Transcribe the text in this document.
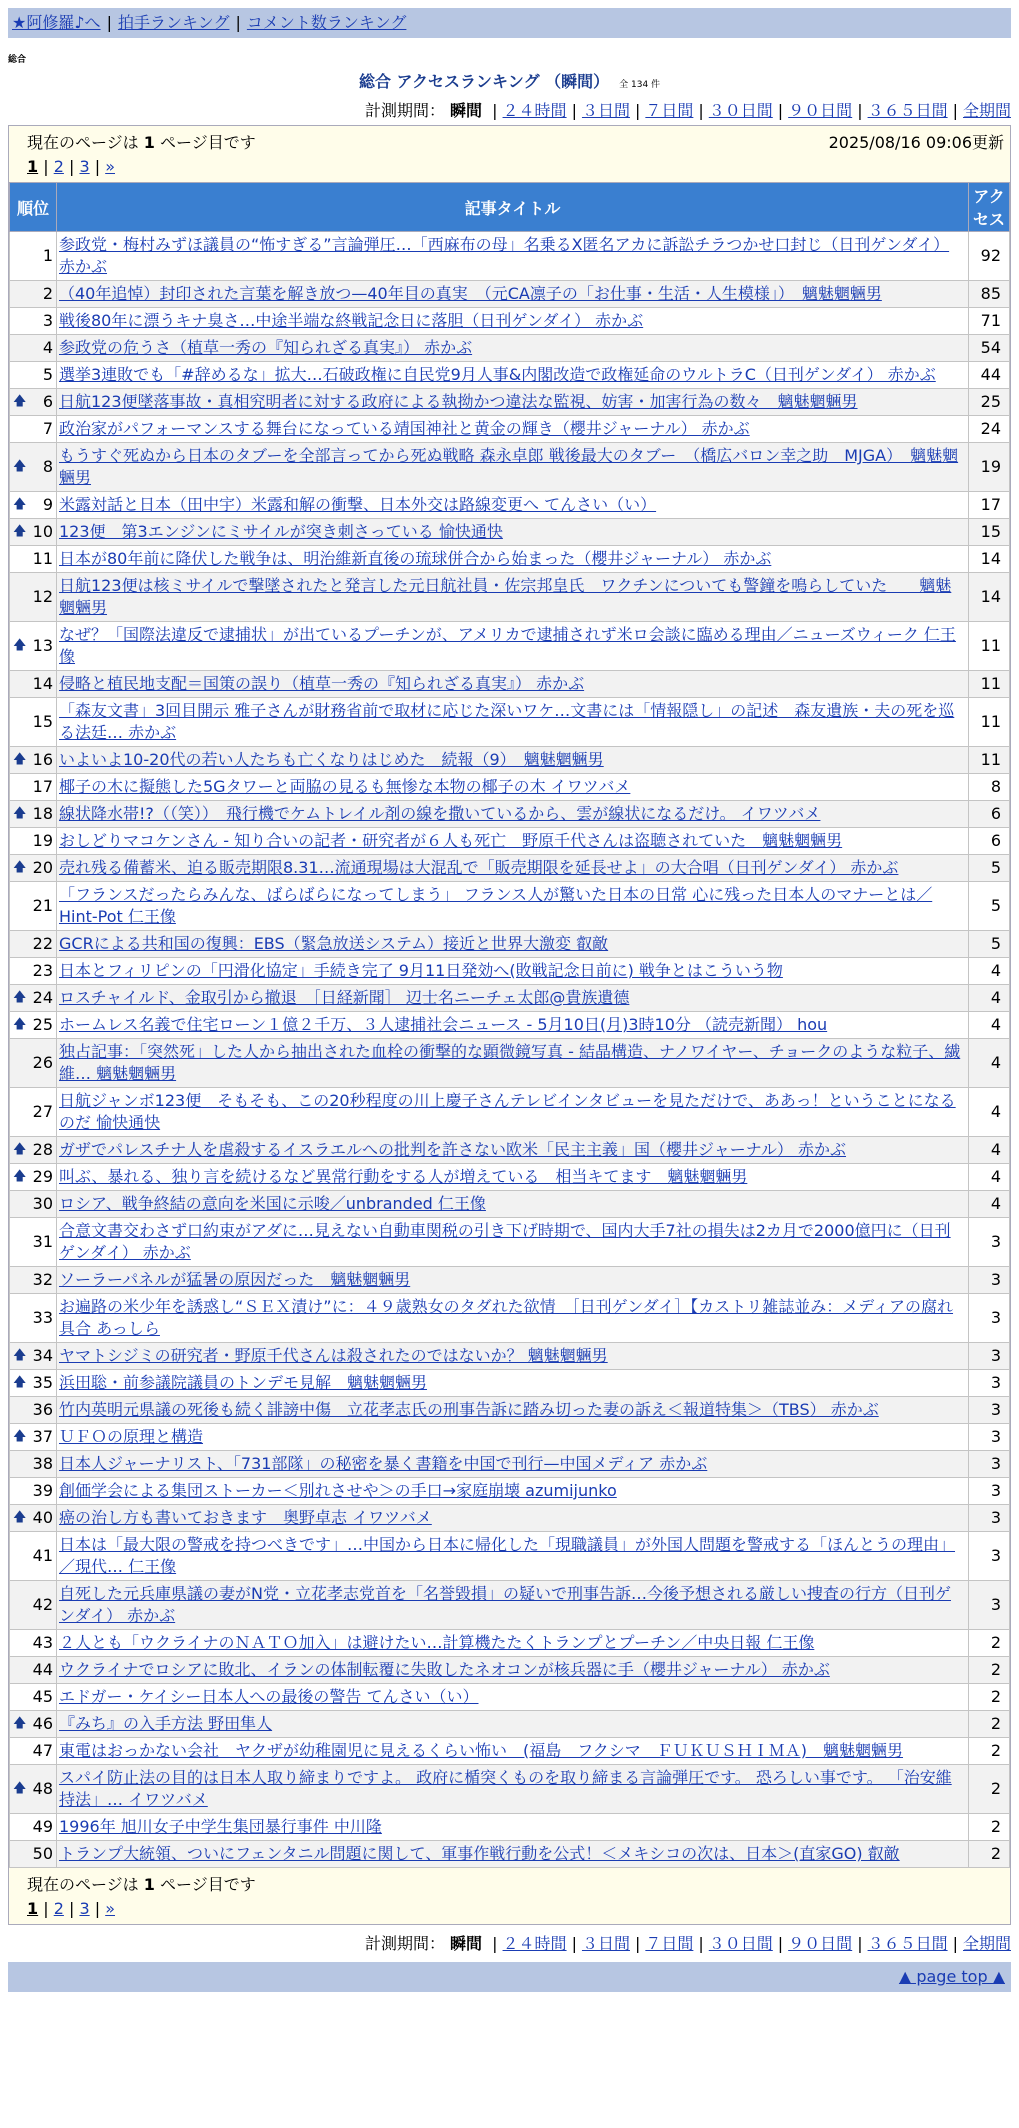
★阿修羅♪へ | 拍手ランキング | コメント数ランキング
総合
総合 アクセスランキング （瞬間） 全 134 件
計測期間： 瞬間 | ２４時間 | ３日間 | ７日間 | ３０日間 | ９０日間 | ３６５日間 | 全期間
現在のページは 1 ページ目です	2025/08/16 09:06更新
1 | 2 | 3 | »
順位	記事タイトル	アクセス
1	参政党・梅村みずほ議員の“怖すぎる”言論弾圧…「西麻布の母」名乗るX匿名アカに訴訟チラつかせ口封じ（日刊ゲンダイ） 赤かぶ	92
2	（40年追悼）封印された言葉を解き放つ—40年目の真実　（元CA凛子の「お仕事・生活・人生模様」）　魑魅魍魎男	85
3	戦後80年に漂うキナ臭さ…中途半端な終戦記念日に落胆（日刊ゲンダイ） 赤かぶ	71
4	参政党の危うさ（植草一秀の『知られざる真実』） 赤かぶ	54
5	選挙3連敗でも「#辞めるな」拡大…石破政権に自民党9月人事&内閣改造で政権延命のウルトラC（日刊ゲンダイ） 赤かぶ	44

🡅 6	日航123便墜落事故・真相究明者に対する政府による執拗かつ違法な監視、妨害・加害行為の数々　魑魅魍魎男	25
7	政治家がパフォーマンスする舞台になっている靖国神社と黄金の輝き（櫻井ジャーナル） 赤かぶ	24

🡅 8	もうすぐ死ぬから日本のタブーを全部言ってから死ぬ戦略 森永卓郎 戦後最大のタブー　（橋広バロン幸之助　MJGA）　魑魅魍魎男	19

🡅 9	米露対話と日本（田中宇）米露和解の衝撃、日本外交は路線変更へ てんさい（い）	17

🡅 10	123便　第3エンジンにミサイルが突き刺さっている 愉快通快	15
11	日本が80年前に降伏した戦争は、明治維新直後の琉球併合から始まった（櫻井ジャーナル） 赤かぶ	14
12	日航123便は核ミサイルで撃墜されたと発言した元日航社員・佐宗邦皇氏　ワクチンについても警鐘を鳴らしていた　　魑魅魍魎男	14

🡅 13	なぜ？「国際法違反で逮捕状」が出ているプーチンが、アメリカで逮捕されず米ロ会談に臨める理由／ニューズウィーク 仁王像	11
14	侵略と植民地支配＝国策の誤り（植草一秀の『知られざる真実』） 赤かぶ	11
15	「森友文書」3回目開示 雅子さんが財務省前で取材に応じた深いワケ…文書には「情報隠し」の記述　森友遺族・夫の死を巡る法廷… 赤かぶ	11

🡅 16	いよいよ10-20代の若い人たちも亡くなりはじめた　続報（9）　魑魅魍魎男	11
17	椰子の木に擬態した5Gタワーと両脇の見るも無惨な本物の椰子の木 イワツバメ	8

🡅 18	線状降水帯!?（（笑））　飛行機でケムトレイル剤の線を撒いているから、雲が線状になるだけ。 イワツバメ	6
19	おしどりマコケンさん - 知り合いの記者・研究者が６人も死亡　野原千代さんは盗聴されていた　魑魅魍魎男	6

🡅 20	売れ残る備蓄米、迫る販売期限8.31…流通現場は大混乱で「販売期限を延長せよ」の大合唱（日刊ゲンダイ） 赤かぶ	5
21	「フランスだったらみんな、ばらばらになってしまう」 フランス人が驚いた日本の日常 心に残った日本人のマナーとは／Hint-Pot 仁王像	5
22	GCRによる共和国の復興：EBS（緊急放送システム）接近と世界大激変 叡敵	5
23	日本とフィリピンの「円滑化協定」手続き完了 9月11日発効へ(敗戦記念日前に) 戦争とはこういう物	4

🡅 24	ロスチャイルド、金取引から撤退　［日経新聞］ 辺士名ニーチェ太郎@貴族遺德	4

🡅 25	ホームレス名義で住宅ローン１億２千万、３人逮捕社会ニュース - 5月10日(月)3時10分 （読売新聞） hou	4
26	独占記事：「突然死」した人から抽出された血栓の衝撃的な顕微鏡写真 - 結晶構造、ナノワイヤー、チョークのような粒子、繊維… 魑魅魍魎男	4
27	日航ジャンボ123便　そもそも、この20秒程度の川上慶子さんテレビインタビューを見ただけで、ああっ！ということになるのだ 愉快通快	4

🡅 28	ガザでパレスチナ人を虐殺するイスラエルへの批判を許さない欧米「民主主義」国（櫻井ジャーナル） 赤かぶ	4

🡅 29	叫ぶ、暴れる、独り言を続けるなど異常行動をする人が増えている　相当キてます　魑魅魍魎男	4
30	ロシア、戦争終結の意向を米国に示唆／unbranded 仁王像	4
31	合意文書交わさず口約束がアダに…見えない自動車関税の引き下げ時期で、国内大手7社の損失は2カ月で2000億円に（日刊ゲンダイ） 赤かぶ	3
32	ソーラーパネルが猛暑の原因だった　魑魅魍魎男	3
33	お遍路の米少年を誘惑し“ＳＥＸ漬け”に：４９歳熟女のタダれた欲情　［日刊ゲンダイ］【カストリ雑誌並み：メディアの腐れ具合 あっしら	3

🡅 34	ヤマトシジミの研究者・野原千代さんは殺されたのではないか？ 魑魅魍魎男	3

🡅 35	浜田聡・前参議院議員のトンデモ見解　魑魅魍魎男	3
36	竹内英明元県議の死後も続く誹謗中傷　立花孝志氏の刑事告訴に踏み切った妻の訴え＜報道特集＞（TBS） 赤かぶ	3

🡅 37	ＵＦＯの原理と構造	3
38	日本人ジャーナリスト、「731部隊」の秘密を暴く書籍を中国で刊行—中国メディア 赤かぶ	3
39	創価学会による集団ストーカー＜別れさせや＞の手口→家庭崩壊 azumijunko	3

🡅 40	癌の治し方も書いておきます　奥野卓志 イワツバメ	3
41	日本は「最大限の警戒を持つべきです」…中国から日本に帰化した「現職議員」が外国人問題を警戒する「ほんとうの理由」／現代… 仁王像	3
42	自死した元兵庫県議の妻がN党・立花孝志党首を「名誉毀損」の疑いで刑事告訴…今後予想される厳しい捜査の行方（日刊ゲンダイ） 赤かぶ	3
43	２人とも「ウクライナのＮＡＴＯ加入」は避けたい…計算機たたくトランプとプーチン／中央日報 仁王像	2
44	ウクライナでロシアに敗北、イランの体制転覆に失敗したネオコンが核兵器に手（櫻井ジャーナル） 赤かぶ	2
45	エドガー・ケイシー日本人への最後の警告 てんさい（い）	2

🡅 46	『みち』の入手方法 野田隼人	2
47	東電はおっかない会社　ヤクザが幼稚園児に見えるくらい怖い　(福島　フクシマ　ＦＵＫＵＳＨＩＭＡ)　魑魅魍魎男	2

🡅 48	スパイ防止法の目的は日本人取り締まりですよ。 政府に楯突くものを取り締まる言論弾圧です。 恐ろしい事です。 「治安維持法」… イワツバメ	2
49	1996年 旭川女子中学生集団暴行事件 中川隆	2
50	トランプ大統領、ついにフェンタニル問題に関して、軍事作戦行動を公式！＜メキシコの次は、日本＞(直家GO) 叡敵	2
現在のページは 1 ページ目です
1 | 2 | 3 | »
計測期間： 瞬間 | ２４時間 | ３日間 | ７日間 | ３０日間 | ９０日間 | ３６５日間 | 全期間
▲ page top ▲
